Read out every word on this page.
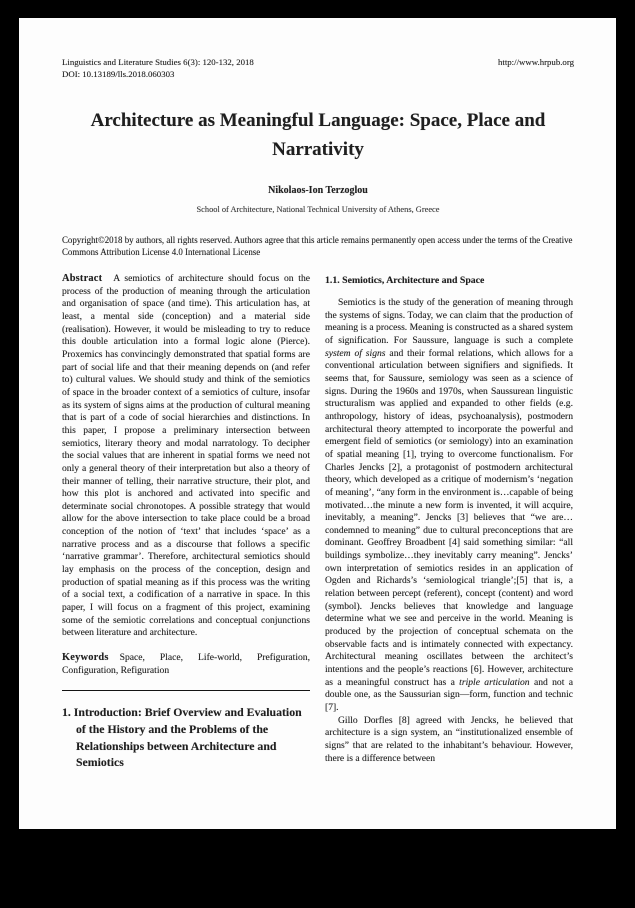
Linguistics and Literature Studies 6(3): 120-132, 2018
DOI: 10.13189/lls.2018.060303
http://www.hrpub.org
Architecture as Meaningful Language: Space, Place and Narrativity
Nikolaos-Ion Terzoglou
School of Architecture, National Technical University of Athens, Greece

Copyright©2018 by authors, all rights reserved. Authors agree that this article remains permanently open access under the terms of the Creative Commons Attribution License 4.0 International License

Abstract A semiotics of architecture should focus on the process of the production of meaning through the articulation and organisation of space (and time). This articulation has, at least, a mental side (conception) and a material side (realisation). However, it would be misleading to try to reduce this double articulation into a formal logic alone (Pierce). Proxemics has convincingly demonstrated that spatial forms are part of social life and that their meaning depends on (and refer to) cultural values. We should study and think of the semiotics of space in the broader context of a semiotics of culture, insofar as its system of signs aims at the production of cultural meaning that is part of a code of social hierarchies and distinctions. In this paper, I propose a preliminary intersection between semiotics, literary theory and modal narratology. To decipher the social values that are inherent in spatial forms we need not only a general theory of their interpretation but also a theory of their manner of telling, their narrative structure, their plot, and how this plot is anchored and activated into specific and determinate social chronotopes. A possible strategy that would allow for the above intersection to take place could be a broad conception of the notion of ‘text’ that includes ‘space’ as a narrative process and as a discourse that follows a specific ‘narrative grammar’. Therefore, architectural semiotics should lay emphasis on the process of the conception, design and production of spatial meaning as if this process was the writing of a social text, a codification of a narrative in space. In this paper, I will focus on a fragment of this project, examining some of the semiotic correlations and conceptual conjunctions between literature and architecture.

Keywords Space, Place, Life-world, Prefiguration, Configuration, Refiguration

1. Introduction: Brief Overview and Evaluation of the History and the Problems of the Relationships between Architecture and Semiotics
1.1. Semiotics, Architecture and Space

Semiotics is the study of the generation of meaning through the systems of signs. Today, we can claim that the production of meaning is a process. Meaning is constructed as a shared system of signification. For Saussure, language is such a complete system of signs and their formal relations, which allows for a conventional articulation between signifiers and signifieds. It seems that, for Saussure, semiology was seen as a science of signs. During the 1960s and 1970s, when Saussurean linguistic structuralism was applied and expanded to other fields (e.g. anthropology, history of ideas, psychoanalysis), postmodern architectural theory attempted to incorporate the powerful and emergent field of semiotics (or semiology) into an examination of spatial meaning [1], trying to overcome functionalism. For Charles Jencks [2], a protagonist of postmodern architectural theory, which developed as a critique of modernism’s ‘negation of meaning’, “any form in the environment is…capable of being motivated…the minute a new form is invented, it will acquire, inevitably, a meaning”. Jencks [3] believes that “we are…condemned to meaning” due to cultural preconceptions that are dominant. Geoffrey Broadbent [4] said something similar: “all buildings symbolize…they inevitably carry meaning”. Jencks’ own interpretation of semiotics resides in an application of Ogden and Richards’s ‘semiological triangle’;[5] that is, a relation between percept (referent), concept (content) and word (symbol). Jencks believes that knowledge and language determine what we see and perceive in the world. Meaning is produced by the projection of conceptual schemata on the observable facts and is intimately connected with expectancy. Architectural meaning oscillates between the architect’s intentions and the people’s reactions [6]. However, architecture as a meaningful construct has a triple articulation and not a double one, as the Saussurian sign—form, function and technic [7].

Gillo Dorfles [8] agreed with Jencks, he believed that architecture is a sign system, an “institutionalized ensemble of signs” that are related to the inhabitant’s behaviour. However, there is a difference between
